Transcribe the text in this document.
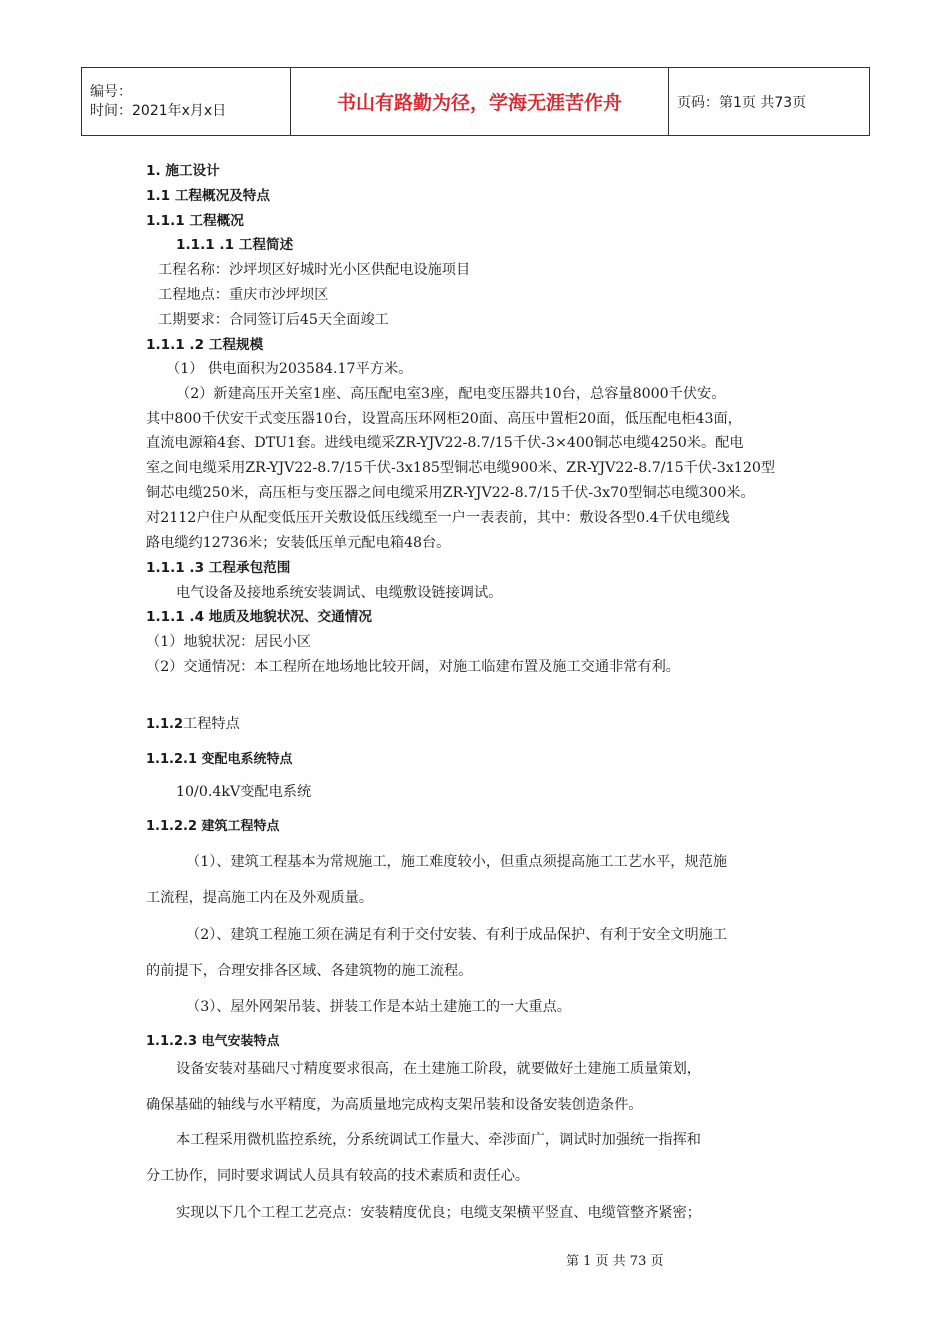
编号：
时间：2021年x月x日	书山有路勤为径，学海无涯苦作舟	页码：第1页 共73页
1. 施工设计
1.1 工程概况及特点
1.1.1 工程概况
1.1.1 .1 工程简述
工程名称：沙坪坝区好城时光小区供配电设施项目
工程地点：重庆市沙坪坝区
工期要求：合同签订后45天全面竣工
1.1.1 .2 工程规模
（1） 供电面积为203584.17平方米。
（2）新建高压开关室1座、高压配电室3座，配电变压器共10台，总容量8000千伏安。
其中800千伏安干式变压器10台，设置高压环网柜20面、高压中置柜20面，低压配电柜43面，
直流电源箱4套、DTU1套。进线电缆采ZR-YJV22-8.7/15千伏-3×400铜芯电缆4250米。配电
室之间电缆采用ZR-YJV22-8.7/15千伏-3x185型铜芯电缆900米、ZR-YJV22-8.7/15千伏-3x120型
铜芯电缆250米，高压柜与变压器之间电缆采用ZR-YJV22-8.7/15千伏-3x70型铜芯电缆300米。
对2112户住户从配变低压开关敷设低压线缆至一户一表表前，其中：敷设各型0.4千伏电缆线
路电缆约12736米；安装低压单元配电箱48台。
1.1.1 .3 工程承包范围
电气设备及接地系统安装调试、电缆敷设链接调试。
1.1.1 .4 地质及地貌状况、交通情况
（1）地貌状况：居民小区
（2）交通情况：本工程所在地场地比较开阔，对施工临建布置及施工交通非常有利。
1.1.2工程特点
1.1.2.1 变配电系统特点
10/0.4kV变配电系统
1.1.2.2 建筑工程特点
（1）、建筑工程基本为常规施工，施工难度较小，但重点须提高施工工艺水平，规范施
工流程，提高施工内在及外观质量。
（2）、建筑工程施工须在满足有利于交付安装、有利于成品保护、有利于安全文明施工
的前提下，合理安排各区域、各建筑物的施工流程。
（3）、屋外网架吊装、拼装工作是本站土建施工的一大重点。
1.1.2.3 电气安装特点
设备安装对基础尺寸精度要求很高，在土建施工阶段，就要做好土建施工质量策划，
确保基础的轴线与水平精度，为高质量地完成构支架吊装和设备安装创造条件。
本工程采用微机监控系统，分系统调试工作量大、牵涉面广，调试时加强统一指挥和
分工协作，同时要求调试人员具有较高的技术素质和责任心。
实现以下几个工程工艺亮点：安装精度优良；电缆支架横平竖直、电缆管整齐紧密；
第 1 页 共 73 页
